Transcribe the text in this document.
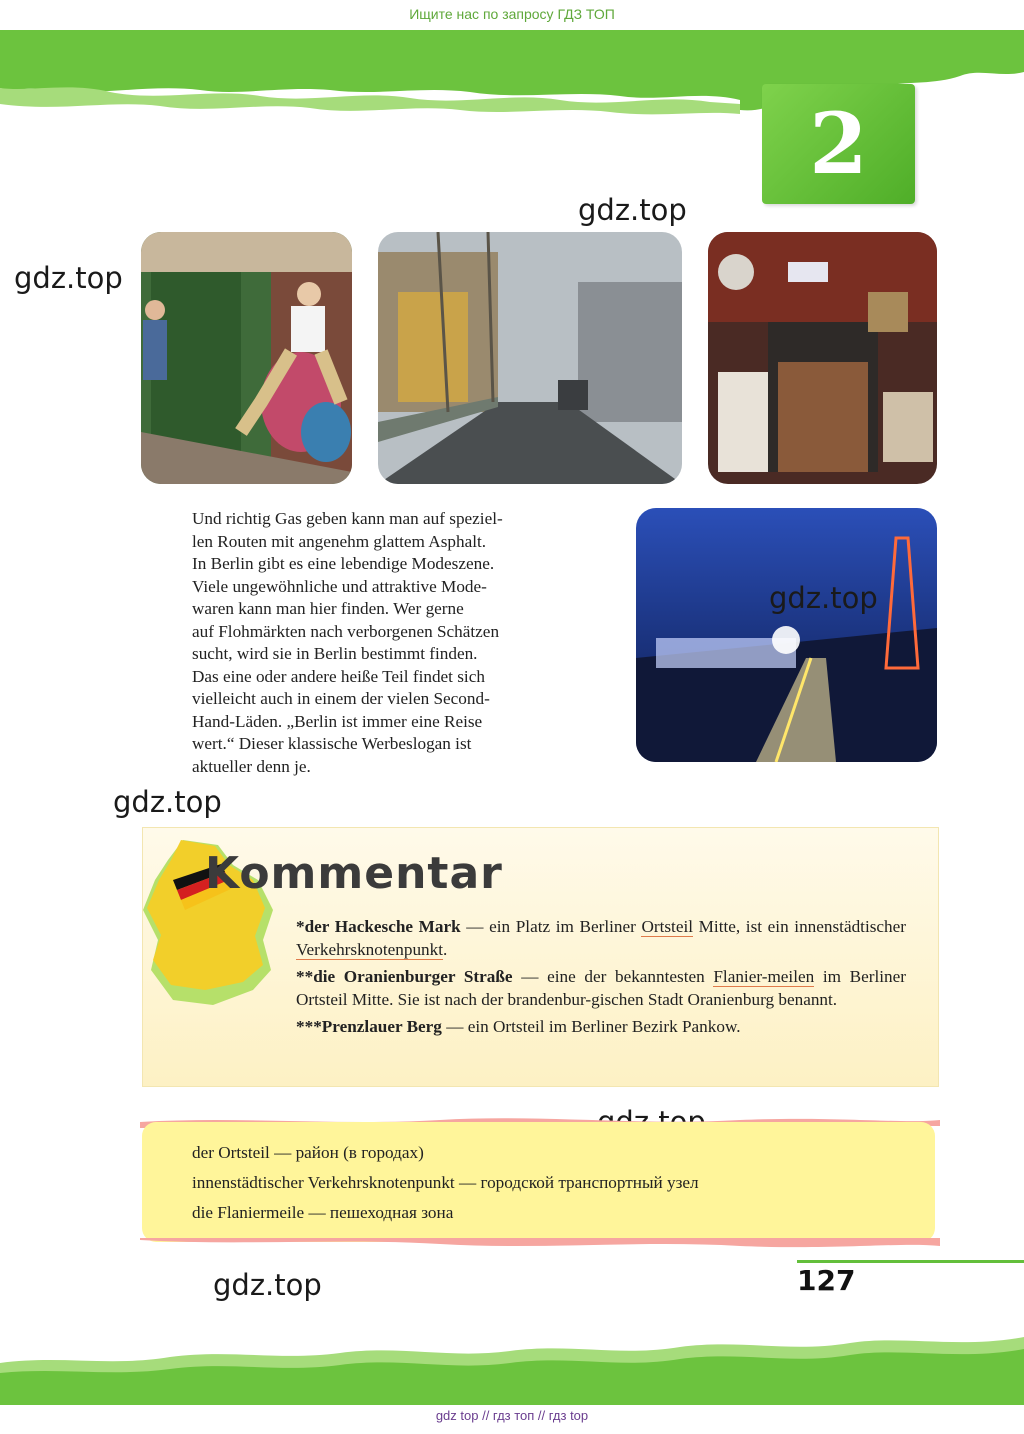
Ищите нас по запросу ГДЗ ТОП
2
gdz.top
gdz.top
gdz.top
gdz.top
gdz.top
Und richtig Gas geben kann man auf speziel-
len Routen mit angenehm glattem Asphalt.
In Berlin gibt es eine lebendige Modeszene.
Viele ungewöhnliche und attraktive Mode-
waren kann man hier finden. Wer gerne
auf Flohmärkten nach verborgenen Schätzen
sucht, wird sie in Berlin bestimmt finden.
Das eine oder andere heiße Teil findet sich
vielleicht auch in einem der vielen Second-
Hand-Läden. „Berlin ist immer eine Reise
wert.“ Dieser klassische Werbeslogan ist
aktueller denn je.
Kommentar

*der Hackesche Mark — ein Platz im Berliner Ortsteil Mitte, ist ein innenstädtischer Verkehrsknotenpunkt.

**die Oranienburger Straße — eine der bekanntesten Flanier-meilen im Berliner Ortsteil Mitte. Sie ist nach der brandenbur-gischen Stadt Oranienburg benannt.

***Prenzlauer Berg — ein Ortsteil im Berliner Bezirk Pankow.

der Ortsteil — район (в городах)
innenstädtischer Verkehrsknotenpunkt — городской транспортный узел
die Flaniermeile — пешеходная зона
127
gdz top // гдз топ // гдз top
